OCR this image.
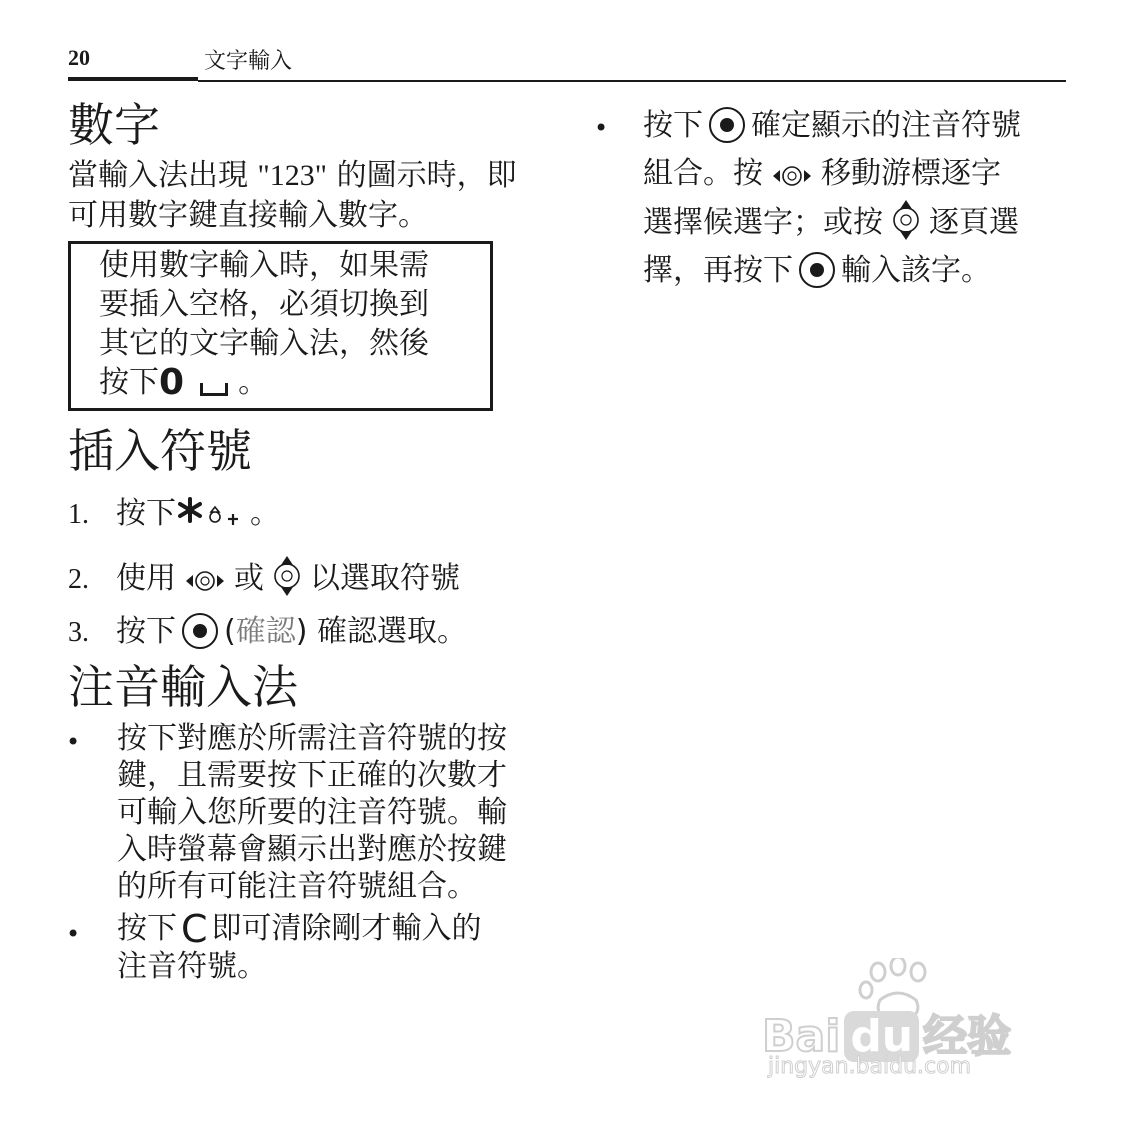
20	文字輸入
數字
當輸入法出現 "123" 的圖示時，即
可用數字鍵直接輸入數字。
使用數字輸入時，如果需
要插入空格，必須切換到
其它的文字輸入法，然後
按下0 。
插入符號
1. 按下 。
2. 使用 或 以選取符號
3. 按下 (確認) 確認選取。
注音輸入法
• 按下對應於所需注音符號的按
鍵，且需要按下正確的次數才
可輸入您所要的注音符號。輸
入時螢幕會顯示出對應於按鍵
的所有可能注音符號組合。
• 按下 C 即可清除剛才輸入的
注音符號。
• 按下 確定顯示的注音符號
組合。按 移動游標逐字
選擇候選字；或按 逐頁選
擇，再按下 輸入該字。
Bai du 经验
jingyan.baidu.com
